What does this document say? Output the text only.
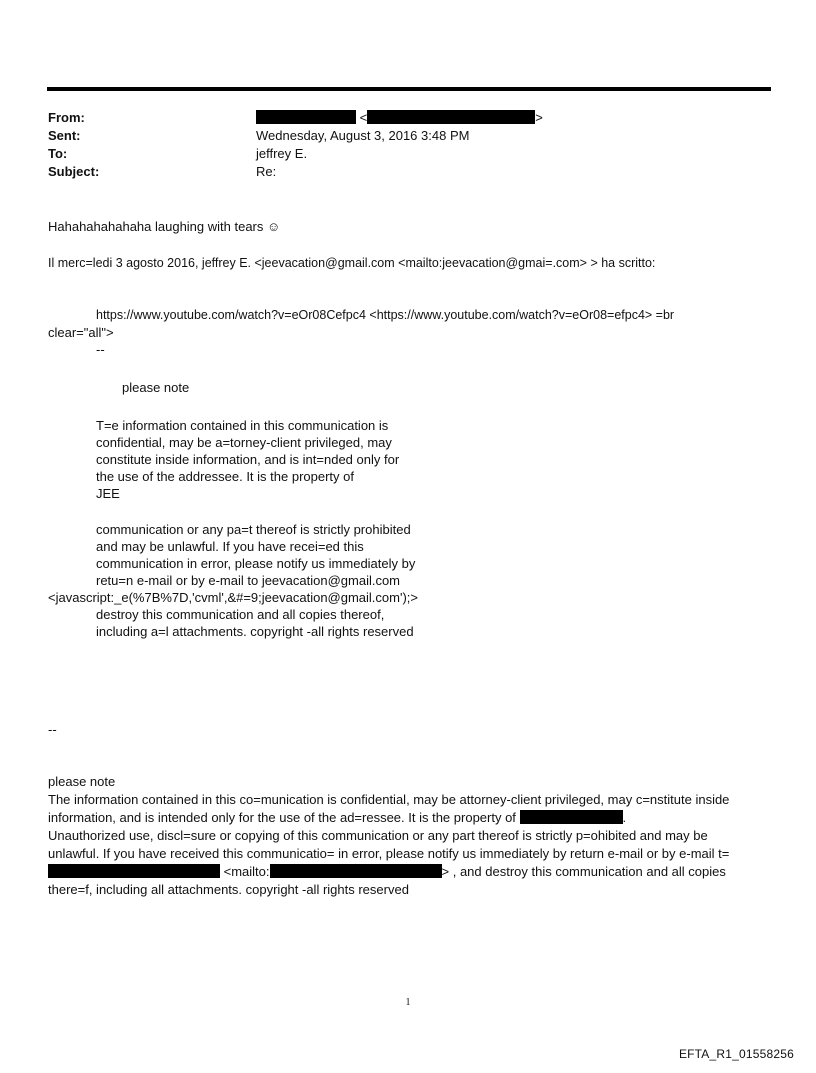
From:	<	>
Sent:	Wednesday, August 3, 2016 3:48 PM
To:	jeffrey E.
Subject:	Re:
Hahahahahahaha laughing with tears ☺
Il merc=ledi 3 agosto 2016, jeffrey E. <jeevacation@gmail.com <mailto:jeevacation@gmai=.com> > ha scritto:
https://www.youtube.com/watch?v=eOr08Cefpc4 <https://www.youtube.com/watch?v=eOr08=efpc4> =br
clear="all">
--
please note
T=e information contained in this communication is
confidential, may be a=torney-client privileged, may
constitute inside information, and is int=nded only for
the use of the addressee. It is the property of
JEE
communication or any pa=t thereof is strictly prohibited
and may be unlawful. If you have recei=ed this
communication in error, please notify us immediately by
retu=n e-mail or by e-mail to jeevacation@gmail.com
<javascript:_e(%7B%7D,'cvml',&#=9;jeevacation@gmail.com');>
destroy this communication and all copies thereof,
including a=l attachments. copyright -all rights reserved
--
please note
The information contained in this co=munication is confidential, may be attorney-client privileged, may c=nstitute inside
information, and is intended only for the use of the ad=ressee. It is the property of	.
Unauthorized use, discl=sure or copying of this communication or any part thereof is strictly p=ohibited and may be
unlawful. If you have received this communicatio= in error, please notify us immediately by return e-mail or by e-mail t=
<mailto:	> , and destroy this communication and all copies
there=f, including all attachments. copyright -all rights reserved
1
EFTA_R1_01558256
